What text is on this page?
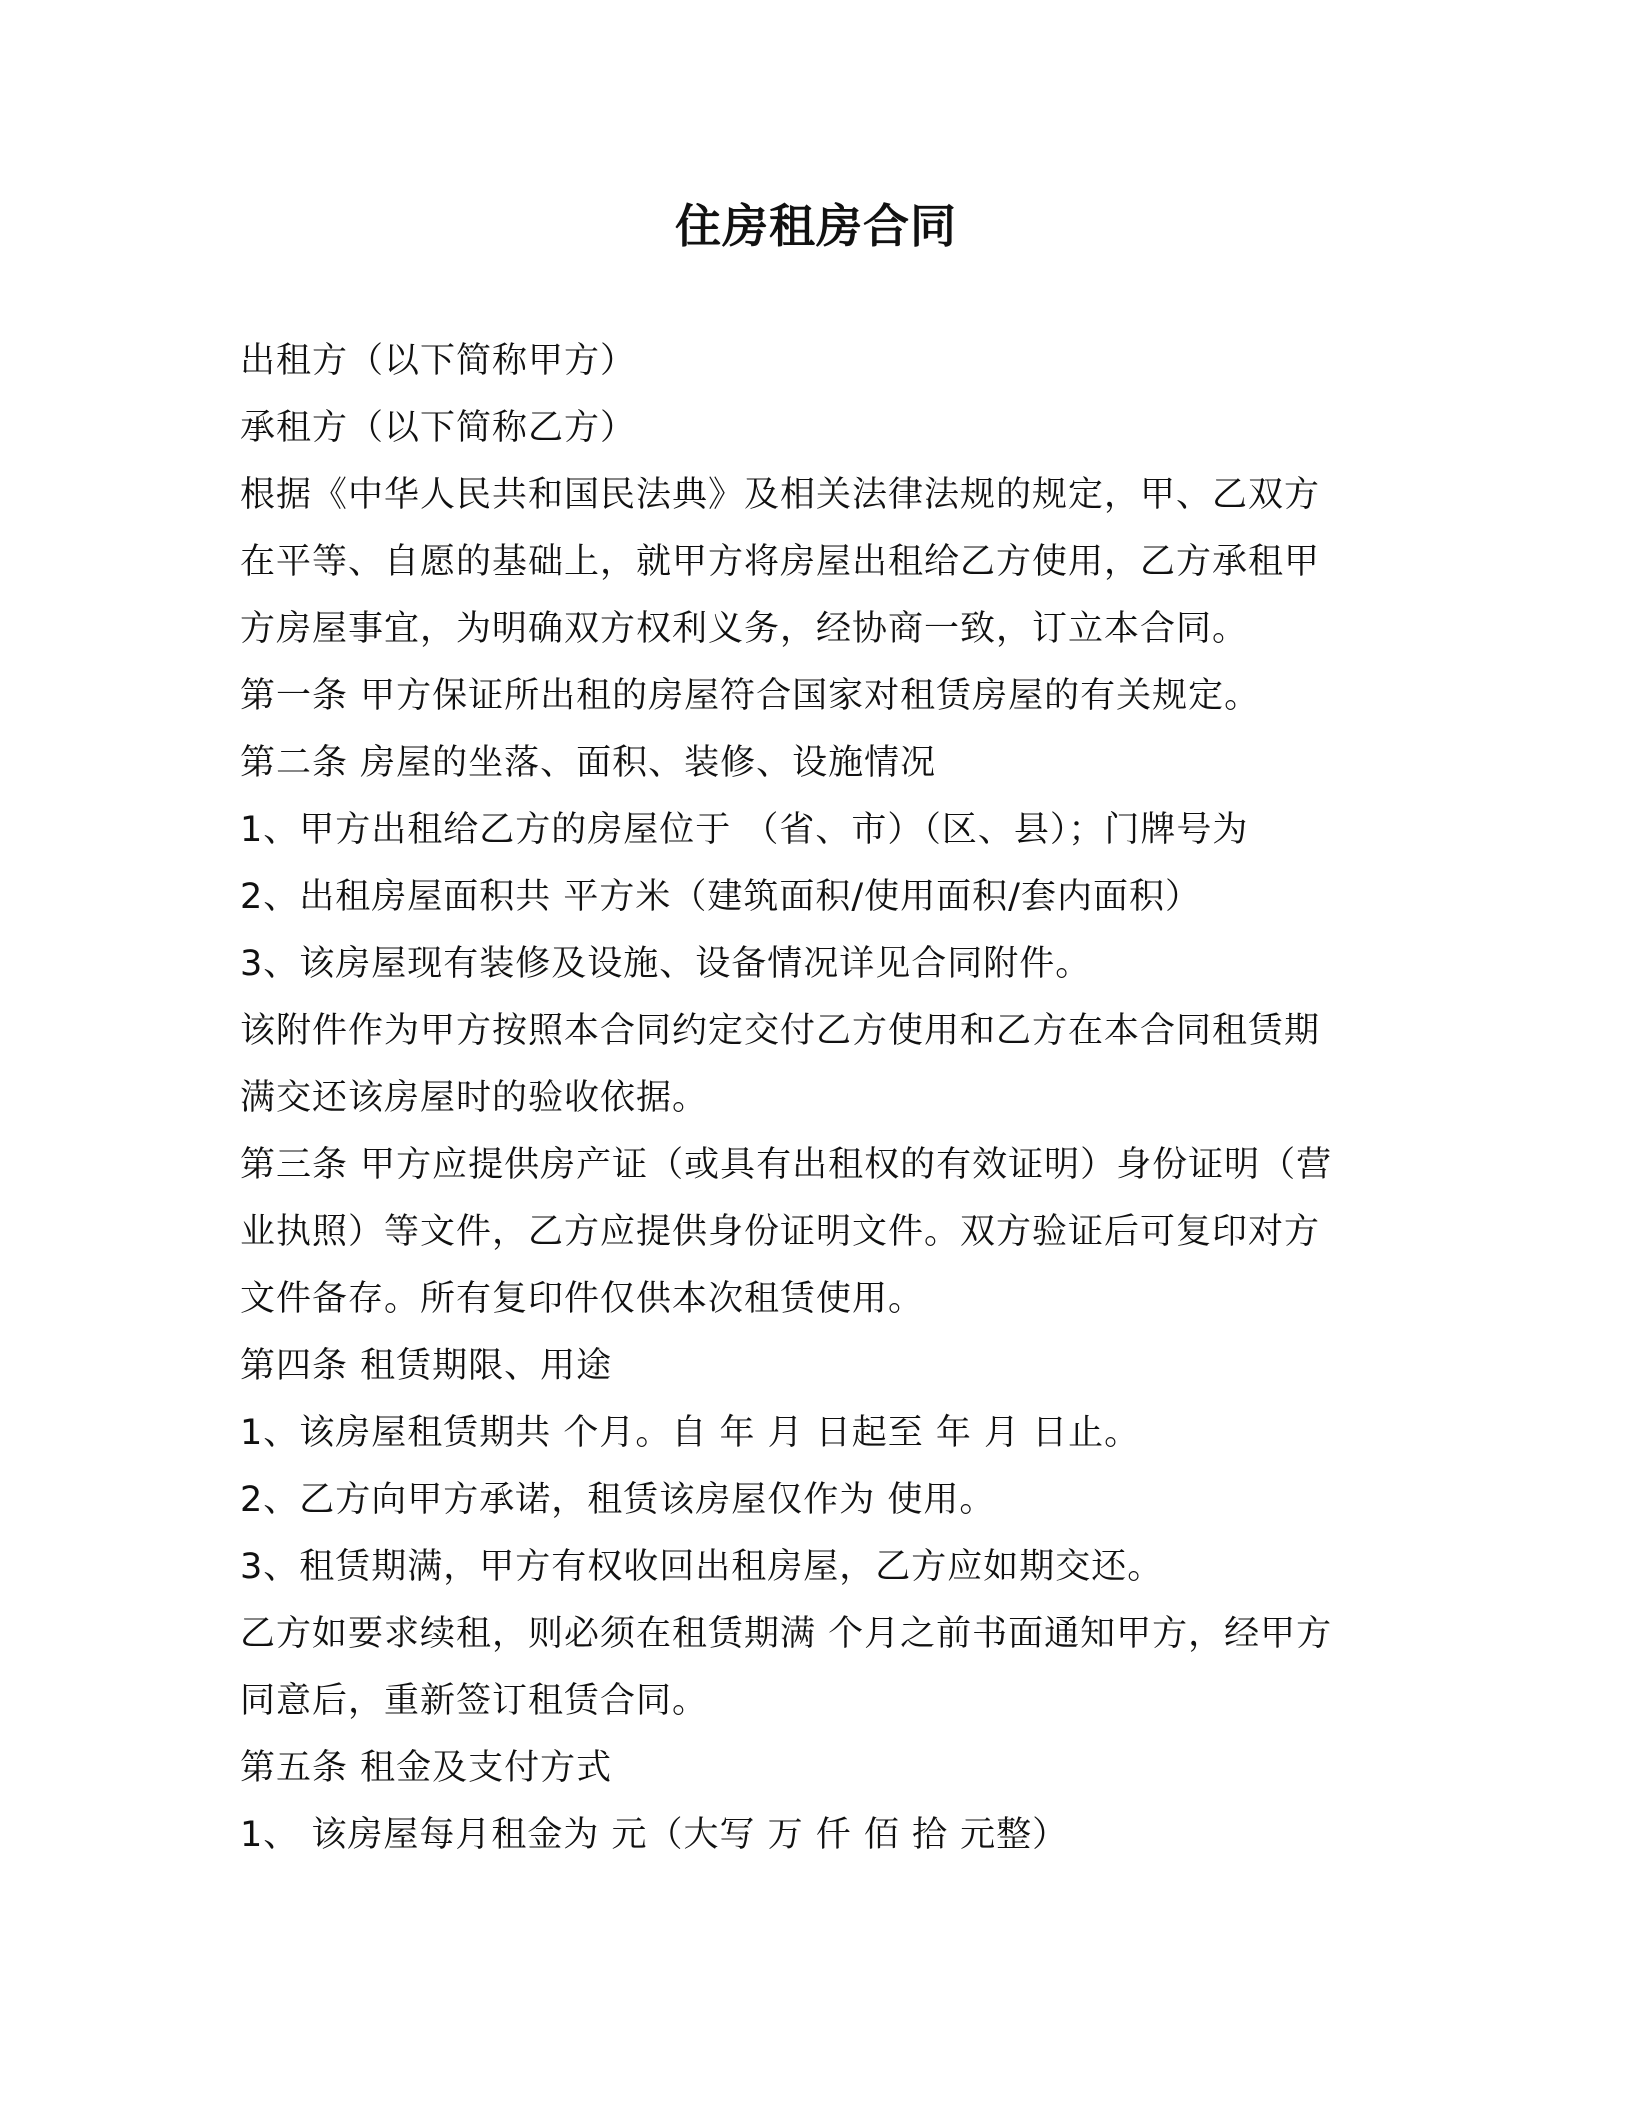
住房租房合同
出租方（以下简称甲方）
承租方（以下简称乙方）
根据《中华人民共和国民法典》及相关法律法规的规定，甲、乙双方
在平等、自愿的基础上，就甲方将房屋出租给乙方使用，乙方承租甲
方房屋事宜，为明确双方权利义务，经协商一致，订立本合同。
第一条 甲方保证所出租的房屋符合国家对租赁房屋的有关规定。
第二条 房屋的坐落、面积、装修、设施情况
1、甲方出租给乙方的房屋位于 （省、市）（区、县）；门牌号为
2、出租房屋面积共 平方米（建筑面积/使用面积/套内面积）
3、该房屋现有装修及设施、设备情况详见合同附件。
该附件作为甲方按照本合同约定交付乙方使用和乙方在本合同租赁期
满交还该房屋时的验收依据。
第三条 甲方应提供房产证（或具有出租权的有效证明）身份证明（营
业执照）等文件，乙方应提供身份证明文件。双方验证后可复印对方
文件备存。所有复印件仅供本次租赁使用。
第四条 租赁期限、用途
1、该房屋租赁期共 个月。自 年 月 日起至 年 月 日止。
2、乙方向甲方承诺，租赁该房屋仅作为 使用。
3、租赁期满，甲方有权收回出租房屋，乙方应如期交还。
乙方如要求续租，则必须在租赁期满 个月之前书面通知甲方，经甲方
同意后，重新签订租赁合同。
第五条 租金及支付方式
1、 该房屋每月租金为 元（大写 万 仟 佰 拾 元整）
